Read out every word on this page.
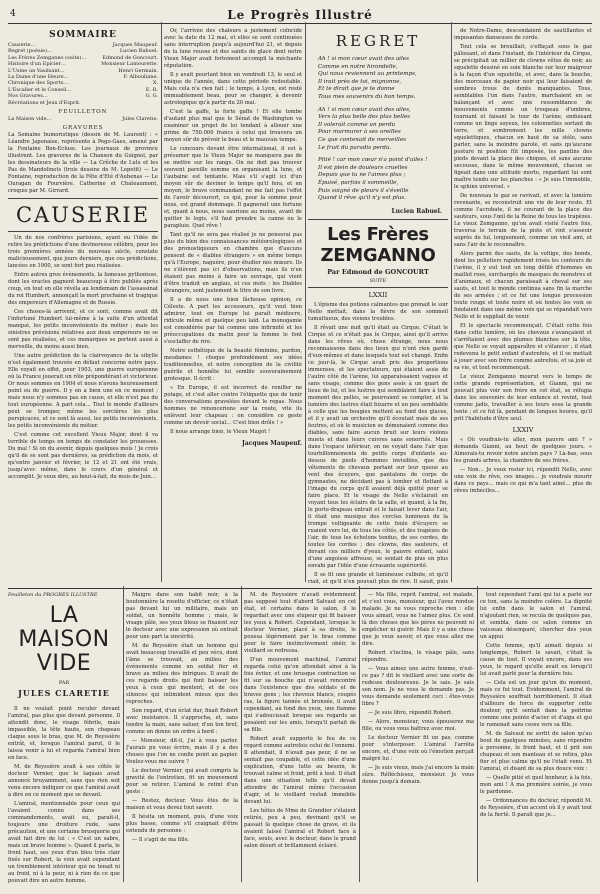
4	Le Progrès Illustré
SOMMAIRE
Causerie…	Jacques Maupeuf.
Regret (poésie)…	Lucien Rabuel.
Les Frères Zemganno (suite)…	Edmond de Goncourt.
Histoire d'un Epicier…	Monsieur Lamourette.
L'Usine un Vasilsant…	Henri Germain.
La Dame d'une Heure…	F. Albouliane.
Chronique des Sports…	X.
L'Escalier et le Conseil…	E. R.
Nos Gravures…	G. G.
Récréations et Jeux d'Esprit.
FEUILLETON
La Maison vide…	Jules Claretie.
GRAVURES
La Semaine humoristique (dessin de M. Laurent) : « Léandre Japonaise, représente à Pego-Gaes, amené par la Fontaine Bon-Ecluse. Les journaux de province illustrent. Les gravures de la Chanson du Guignol, par les dessinateurs de la ville — La Crêche de Lulu et les Pas de Mandolinets (trois dessins de M. Lepetit) — Le Fontaine, reproduction de la Fête d'Eté d'Aubenas — Le Ouragan de Fourvière. Catherine et Chateaumont, croquis par M. Girrard.
CAUSERIE

Un de nos confrères parisiens, ayant eu l'idée de relire les prédictions d'une devineresse célèbre, pour les trois premières années du nouveau siècle, constate malicieusement, que jours derniers, que ces prédictions, lancées en 1900, se sont fort peu réalisées.

Entre autres gros évènements, la fameuse pythonisse, dont les oracles gagnent beaucoup à être publiés après coup, en tout en elle révéla au lendemain de l'assassinat du roi Humbert, annonçait la mort prochaine et tragique des empereurs d'Allemagne et de Russie.

Ces choses-là arrivent, et ce sont, comme avait dit l'infortuné Humbert lui-même à la suite d'un attentat manqué, les petits inconvénients du métier ; mais les sinistres prévisions relatives aux deux empereurs ne se sont pas réalisées, et ces monarques se portent aussi à merveille, du moins aussi bien.

Une autre prédiction de la clairvoyance de la sibylle n'est également trouvée en défaut concerne notre pays. Elle voyait en effet, pour 1903, une guerre européenne où la France jouerait un rôle prépondérant et victorieux. Or nous sommes en 1904 et nous n'avons heureusement point eu de guerre. Il y en a bien une en ce moment ; mais nous n'y sommes pas en cause, et elle n'est pas du tout européenne. A part cela… Tout le monde d'ailleurs peut se tromper, même les sorcières les plus perspicaces, et ce sont là aussi, les petits inconvénients, les petits inconvénients du métier.

C'est comme cet excellent Vieux Major, dont il va terrible de temps en temps de constater les prouesses. Du mal ! Si on du avenir, depuis quelques mois ! Je crois qu'il de se sont pas dernières, sa prédiction du mois, et qu'entre janvier et février, le 12 et 21 ont été vrais, jusqu'avec même, dans le cours d'un général et accomplit. Je veux dire, au bout-à-fait, du mois de Juin…

Or, l'arrivée des chaleurs a justement coïncidé avec la date du 12 mai, et elles se sont continuées sans interruption jusqu'à aujourd'hui 21, et depuis de la lune rousse et des saints de glace dont notre Vieux Major avait fortement accompli la méchante réputation.

Il y avait pourtant bien un vendredi 13, le seul et unique de l'année, dans cette période redoutable. Mais cela n'a rien fait ; le temps, à Lyon, est resté immuablement beau, pour se changer, à devenir astrologique qu'à partir du 20 mai.

C'est la gaffe, la forte gaffe ! Et elle tombe d'autant plus mal que le Sénat de Washington va examiner un projet de loi tendant à allouer une prime de 750.000 francs à celui qui trouvera un moyen sûr de prévoir le beau et le mauvais temps.

Le concours devant être international, il est à présumer que le Vieux Major ne manquera pas de se mettre sur les rangs. On ne doit pas trouver souvent pareille somme en organisant la lune, et l'aubaine est tentante. Mais s'il s'agit ici d'un moyen sûr de deviner le temps qu'il fera, et en moyen, le brave commandant ne me fait pas l'effet de l'avoir découvert, ce qui, pour la somme pour nous, est grand dommage. Il gagnerait une fortune et, quant à nous, nous saurions au moins, avant de quitter le logis, s'il faut prendre la canne ou le parapluie. Quel rêve !

Tant qu'il ne sera pas réalisé je ne penserai pas plus du bien des connaissances météorologiques et des pronostiqueurs en chambre que d'aucuns pensent de « diables étrangers » en même temps qu'à l'Europe, naguère, pour étudier nos mœurs. Ils ne s'élèvent pas ici d'observations, mais ils n'en étaient pas moins à faire un ouvrage, qui vient d'être traduit en anglais, et ces mots : les Diables étrangers, sont justement le titre de son livre.

Il a de nous une bien fâcheuse opinion, ce Céleste. A part les accesseurs, qu'il veut bien admirer, tout en Europe lui paraît médiocre, ridicule même et quelque peu laid. La monogamie est considérée par lui comme une infirmité et les préoccupations du matin pour la femme le font s'esclaffer de rire.

Notre esthétique de la beauté féminine, pardon, mesdames ! choque profondément ses idées traditionnelles, et notre conception de la civilité puérile et honnête lui semble souverainement grotesque. Il écrit :

« En Europe, il est incorrect de renifler ne potage, et c'est aller contre l'étiquette que de tenir des conversations gravelées devant le repas. Nous hommes ne renoncerions sur la route, vite ils enlèvent leur chapeau : on considère ce geste comme un devoir social… C'est bien drôle ! »

Il nous arrange bien, le Vieux Magot !

Jacques Maupeuf.
REGRET
Ah ! si mon cœur avait des ailes
Comme en notre hirondelle,
Qui nous reviennent au printemps,
Il irait près de toi, mignonne,
Et te dirait que je te donne
Tous mes souvenirs du bon temps.
Ah ! si mon cœur avait des ailes,
Vers la plus belle des plus belles
Il volerait comme un perdu
Pour murmurer à ses oreilles
Ce que contenait de merveilles
Le fruit du paradis perdu.
Pitié ! car mon cœur n'a point d'ailes !
Il est plein de douleurs cruelles
Depuis que tu ne l'aimes plus ;
Épuisé, parfois il sommeille,
Puis soigné de pleurs il s'éveille
Quand il rêve qu'il n'y est plus.
Lucien Rabuel.
Les Frères ZEMGANNO
Par Edmond de GONCOURT
SUITE
LXXII

L'épisme des potions calmantes que prenait le soir Nello mettait, dans la fièvre de son sommeil tumultueux, des visions troubles.

Il rêvait une nuit qu'il était au Cirque. C'était le Cirque et ce n'était pas le Cirque, ainsi qu'il arrive dans les rêves où, chose étrange, nous nous reconnaissons dans des lieux qui n'ont rien gardé d'eux-mêmes et dans lesquels tout est changé. Enfin ce jour-là, le Cirque avait pris des proportions immenses, et les spectateurs, qui étaient assis de l'autre côté de l'arène, lui apparaissaient vagues et sans visage, comme des gens assis à un quart de lieue de lui, et les lustres qui semblaient faire à tout moment des pelles, se pourraient se compter, et la lumière des lustres était bizarre et un peu semblable à celle que les bougies mettent au fond des glaces, et il y avait un orchestre qu'il écoutait mais de ses feutres, et où le musicien se démenaient comme des diables, sans faire aucun bruit sur leurs violons muets et dans leurs cuivres sans sonorités. Mais dans l'espace inférieur, on ne voyait dans l'air que tourbillonnements de petits corps d'enfants au-dessus de pieds d'hommes invisibles, que des vêtements de chevaux portant sur leur queue au vent des écuyers, que pantalons de corps de gymnastes, ne décidant pas à tomber et flottant à l'image du corps qu'il avaient déjà quitté pour se faire place. Et le visage de Nello s'éclairait en voyant tous les éclairs de la salle, et quand, à la fin, le porte-drapeau entrait et le faisait lever dans l'air, il était une musique des cercles lumineux de la trompe voltigeante de cette foule d'écuyers se ruaient vers lui, de tous les côtés, et des trapèzes de l'air, de tous les échelons tendus, de ses cordes, de toutes les cordes ; des clowns, des sauteurs, et devant ces milliers d'yeux, le pauvre enfant, saisi d'une angoisse affreuse, se sentait de plus en plus envahi par l'idée d'une écrasante supériorité.

Il se fit une grande et lumineuse culbute, et qu'il riait, et qu'il n'en pouvait plus de rire. Il saisit, puis

de Notre-Dame, descendaient de sautillantes et imposantes danseuses de corde.

Tout cela se brouillait, s'effaçait sous le gaz pâlissant, et dans l'instant, de l'intérieur du Cirque, se précipitait un millier de clowns vêtus de noir, au squelette dessiné en soie blanche sur leur maigreur à la façon d'un squelette, et avec, dans la bouche, des morceaux de papier noir qui leur faisaient de sombres trous de dents manquantes. Tous, semblables l'un dans l'autre, marchaient en se balançant et avec une ressemblance de mouvements comme un troupeau d'ombres, tournant et faisant le tour de l'arène, enduisant comme un linge soyeux, les colonnettes sortant de terre, et sombrement les mille clowns squelettiques, chacun en haut de sa stèle, sans parler, sans la moindre parole, et sans qu'aucune posture ni position fût imposée, les pantins des pieds devant la place des chiques, et sans aucune secousse, dans le même mouvement, chacun se figeait dans une attitude morte, regardant lui sont maître tendu sur les planches : « Je suis l'immobile, le sphinx universel. »

De nouveau le gaz se ravivait, et avec la lumière revenante, se reconstruit une vie de leur reste. Et comme l'acrobate, il ne courant de la place des sauteurs, sous l'œil de la Reine de tous les trapèzes. Le vieux Zemganno, qu'on avait visité l'autre fois, traversa le terrain de la piste et vint s'asseoir auprès de lui, longuement, comme un vieil ami, et sans l'air de le reconnaître.

Alors parmi des sauts, de la voltige, des bonds, dont les pelletiers rapidement irisés les contours de l'arène, il y eut tout un long défilé d'hommes en maillot rose, surchargés de masques de monstres et d'animaux, et chacun paraissait à cheval sur ses sauts, et tout le monde continua sans fin la marche de ses armées ; et ce fut une longue procession toute rouge et toute noire et où toutes les voix se fondaient dans une même voix qui se répandait vers Nello et le suppliait de venir.

Et le spectacle recommençait. C'était cette fois dans cette lumière, où les chevaux s'avançaient et s'arrêtaient avec des plumes blanches sur la tête, que Nello se voyait apparaître et s'élancer ; il était redevenu le petit enfant d'autrefois, et il se mettait à jouer avec son frère comme autrefois, et sa joie et sa vie, et tout recommençait.

Le vieux Zemganno mourut vers le temps de cette grande représentation, et Gianni, qui ne pouvait plus voir son frère en cet état, se réfugia dans les souvenirs de leur enfance et revint, tout comme jadis, travailler à ses tours sous la grande tente ; et ce fut là, pendant de longues heures, qu'il prit l'habitude d'être seul.

LXXIV

« Où voudrais-tu aller, mon pauvre ami ? » demanda Gianni, au bout de quelques jours. « Aimerais-tu revoir notre ancien pays ? Là-bas, sous les grands arbres, la chambre de ses frères.

— Non… Je veux rester ici, répondit Nello, avec une voix de rêve, ces images… je voudrais mourir dans ce pays… mais ce qui m'a tant aimé… plus de rêves imbéciles…

Feuilleton du PROGRÈS ILLUSTRÉ
LA MAISON VIDE
PAR
JULES CLARETIE

Il ne voulait point reculer devant l'amiral, pas plus que devant personne. Il attendit donc, le visage fébrile, mais impassible, la tête haute, son chapeau claque sous le bras, que M. de Reyssière entrât, et, lorsque l'amiral parut, il le laissa venir à lui et regarda l'amiral bien en face.

M. de Reyssière avait à ses côtés le docteur Vernier, que le laquais avait annoncé bruyamment, sans que rien soit venu encore indiquer ce que l'amiral avait à dire en ce moment que se devant.

L'amiral, mentionnable pour ceux qui l'avaient connu dans ses commandements, avait eu, paraît-il, toujours une droiture rude, sans précaution, et une certaine brusquerie qui avait fait dire de lui : « C'est un sabre, mais un brave homme ». Quand il parla, le front haut, ses yeux d'un bleu très clair fixés sur Robert, la voix avait cependant un tremblement intérieur qui ne tenait ni au froid, ni à la peur, ni à rien de ce que pouvait dire un autre homme.

Maigre dans son habit noir, à la boutonnière la rosette d'officier, ce n'était pas devant lui un militaire, mais un soldat, un honnête homme ; mais, le visage pâle, ses yeux bleus se fixaient sur le docteur avec une expression où entrait pour une part la sincérité.

M. de Reyssière était un homme qui avait beaucoup travaillé et peu vécu, dont l'âme se trouvait, au milieu des événements comme un soldat fier et brave au milieu des intrigues. Il avait de ces regards droits qui font baisser les yeux à ceux qui mentent, et de ces silences qui intimident mieux que des reproches.

Son regard, d'un éclat dur, fixait Robert avec insistance. Il s'approcha, et, sans tendre la main, sans saluer, d'un ton bref, comme on donne un ordre à bord :

— Monsieur, dit-il, j'ai à vous parler. J'aurais pu vous écrire, mais il y a des choses que l'on ne confie point au papier. Voulez-vous me suivre ?

Le docteur Vernier, qui avait compris la gravité de l'entretien, fit un mouvement pour se retirer. L'amiral le retint d'un geste :

— Restez, docteur. Vous êtes de la maison et vous devez tout savoir.

Il hésita un moment, puis, d'une voix plus basse, comme s'il craignait d'être entendu de personne :

— Il s'agit de ma fille.

M. de Reyssière n'avait évidemment pas supposé tout d'abord Salvaut en cet état, et certains dans le salon, il le regardait avec une stupeur qui fit baisser les yeux à Robert. Cependant, lorsque le docteur Vernier, placé à sa droite, le poussa légèrement par le bras comme pour le faire instinctivement obéir, le vieillard se redressa.

D'un mouvement machinal, l'amiral regarda celui qu'on attendait ainsi à la fois éviter, et une brusque contraction se fit sur sa bouche qui n'avait rencontré dans l'existence que des soldats et de braves gens ; les cheveux blancs, coupés ras, la figure tannée et bronzée, il avait cependant, au fond des yeux, une flamme qui s'adoucissait lorsque ses regards se posaient sur les amis, lorsqu'il parlait de sa fille.

Robert avait supporté le feu de ce regard comme autrefois celui de l'ennemi. Il attendait, il n'avait pas peur, il ne se sentait pas coupable, et cette idée d'une explication, d'une lutte au besoin, le trouvait calme et froid, prêt à tout. Il était dans une situation telle qu'il devait attendre de l'amiral même l'occasion d'agir, et le vieillard restait immobile devant lui.

Les hôtes de Mme de Grandier s'étaient retirés, peu à peu, devinant qu'il se passait là quelque chose de grave, et ils avaient laissé l'amiral et Robert face à face, seuls, avec le docteur, dans le grand salon désert et brillamment éclairé.

— Ma fille, reprit l'amiral, est malade, et c'est vous, monsieur, qui l'avez rendue malade. Je ne vous reproche rien : elle vous aimait, vous ne l'aimez plus. Ce sont là des choses que les pères ne peuvent ni empêcher ni guérir. Mais il y a une chose que je veux savoir, et que vous allez me dire.

Robert s'inclina, le visage pâle, sans répondre.

— Vous aimez une autre femme, n'est-ce pas ? dit le vieillard avec une sorte de rudesse douloureuse. Je le sais. Je sais son nom. Je ne vous le demande pas. Je vous demande seulement ceci : êtes-vous libre ?

— Je suis libre, répondit Robert.

— Alors, monsieur, vous épouserez ma fille, ou vous vous battrez avec moi.

Le docteur Vernier fit un pas, comme pour s'interposer. L'amiral l'arrêta encore, et, d'une voix où l'émotion perçait malgré lui :

— Je suis vieux, mais j'ai encore la main sûre. Réfléchissez, monsieur. Je vous donne jusqu'à demain.

tout cependant l'ami qui lui a parlé sur ce ton, sans la moindre colère. La dignité lui enfin dans le salon et l'amiral, n'ajoutant rien, se recula de quelques pas, et sembla, dans ce salon comme un vaisseau désemparé, chercher des yeux un appui.

Cette femme, qu'il aimait depuis si longtemps, Robert le savait, c'était la cause de tout. Il voyait encore, dans ses yeux, le regard qu'elle avait eu lorsqu'il lui avait parlé pour la dernière fois.

— Cela est un jour qu'un du moment, mais ce fut tout. Évidemment, l'amiral de Reyssière souffrait horriblement. Il était d'ailleurs de force de supporter cette douleur, qu'il sentait dans la poitrine comme une pointe d'acier et d'aigu et qui le ramenait sans cesse vers sa fille.

M. de Salvaut ne sortit de salon qu'au bout de quelques minutes, sans répondre à personne, le front haut, et il prit son chapeau et son manteau et se retira, plus fier et plus calme qu'il ne l'était venu. Et l'amiral, et disant de sa plus douce voix :

— Quelle pitié et quel bonheur, à la fois, mon ami ! À ma première soirée, je vous le pardonne.

— Ordonnances du docteur, répondit M. de Reyssière, d'un accent où il y avait tout de la fierté. Il paraît que je…
